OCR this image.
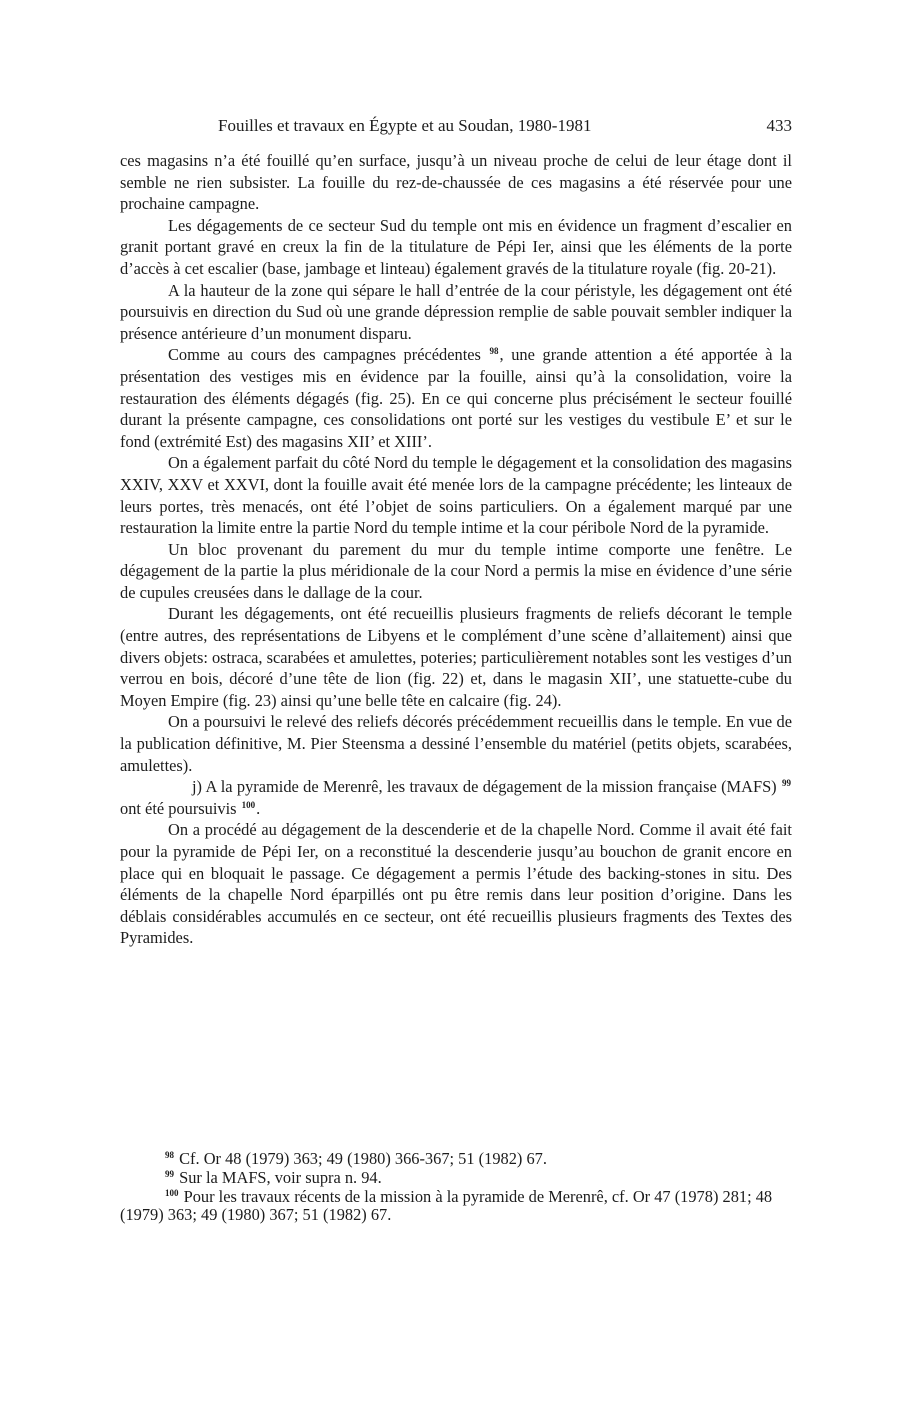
Fouilles et travaux en Égypte et au Soudan, 1980-1981	433

ces magasins n’a été fouillé qu’en surface, jusqu’à un niveau proche de celui de leur étage dont il semble ne rien subsister. La fouille du rez-de-chaussée de ces magasins a été réservée pour une prochaine campagne.

Les dégagements de ce secteur Sud du temple ont mis en évidence un fragment d’escalier en granit portant gravé en creux la fin de la titulature de Pépi Ier, ainsi que les éléments de la porte d’accès à cet escalier (base, jambage et linteau) également gravés de la titulature royale (fig. 20-21).

A la hauteur de la zone qui sépare le hall d’entrée de la cour péristyle, les dégagement ont été poursuivis en direction du Sud où une grande dépression remplie de sable pouvait sembler indiquer la présence antérieure d’un monument disparu.

Comme au cours des campagnes précédentes $^{98}$, une grande attention a été apportée à la présentation des vestiges mis en évidence par la fouille, ainsi qu’à la consolidation, voire la restauration des éléments dégagés (fig. 25). En ce qui concerne plus précisément le secteur fouillé durant la présente campagne, ces consolidations ont porté sur les vestiges du vestibule E’ et sur le fond (extrémité Est) des magasins XII’ et XIII’.

On a également parfait du côté Nord du temple le dégagement et la consolidation des magasins XXIV, XXV et XXVI, dont la fouille avait été menée lors de la campagne précédente; les linteaux de leurs portes, très menacés, ont été l’objet de soins particuliers. On a également marqué par une restauration la limite entre la partie Nord du temple intime et la cour péribole Nord de la pyramide.

Un bloc provenant du parement du mur du temple intime comporte une fenêtre. Le dégagement de la partie la plus méridionale de la cour Nord a permis la mise en évidence d’une série de cupules creusées dans le dallage de la cour.

Durant les dégagements, ont été recueillis plusieurs fragments de reliefs décorant le temple (entre autres, des représentations de Libyens et le complément d’une scène d’allaitement) ainsi que divers objets: ostraca, scarabées et amulettes, poteries; particulièrement notables sont les vestiges d’un verrou en bois, décoré d’une tête de lion (fig. 22) et, dans le magasin XII’, une statuette-cube du Moyen Empire (fig. 23) ainsi qu’une belle tête en calcaire (fig. 24).

On a poursuivi le relevé des reliefs décorés précédemment recueillis dans le temple. En vue de la publication définitive, M. Pier Steensma a dessiné l’ensemble du matériel (petits objets, scarabées, amulettes).

j) A la pyramide de Merenrê, les travaux de dégagement de la mission française (MAFS) $^{99}$ ont été poursuivis $^{100}$.

On a procédé au dégagement de la descenderie et de la chapelle Nord. Comme il avait été fait pour la pyramide de Pépi Ier, on a reconstitué la descenderie jusqu’au bouchon de granit encore en place qui en bloquait le passage. Ce dégagement a permis l’étude des backing-stones in situ. Des éléments de la chapelle Nord éparpillés ont pu être remis dans leur position d’origine. Dans les déblais considérables accumulés en ce secteur, ont été recueillis plusieurs fragments des Textes des Pyramides.

$^{98}$ Cf. Or 48 (1979) 363; 49 (1980) 366-367; 51 (1982) 67.

$^{99}$ Sur la MAFS, voir supra n. 94.

$^{100}$ Pour les travaux récents de la mission à la pyramide de Merenrê, cf. Or 47 (1978) 281; 48 (1979) 363; 49 (1980) 367; 51 (1982) 67.
